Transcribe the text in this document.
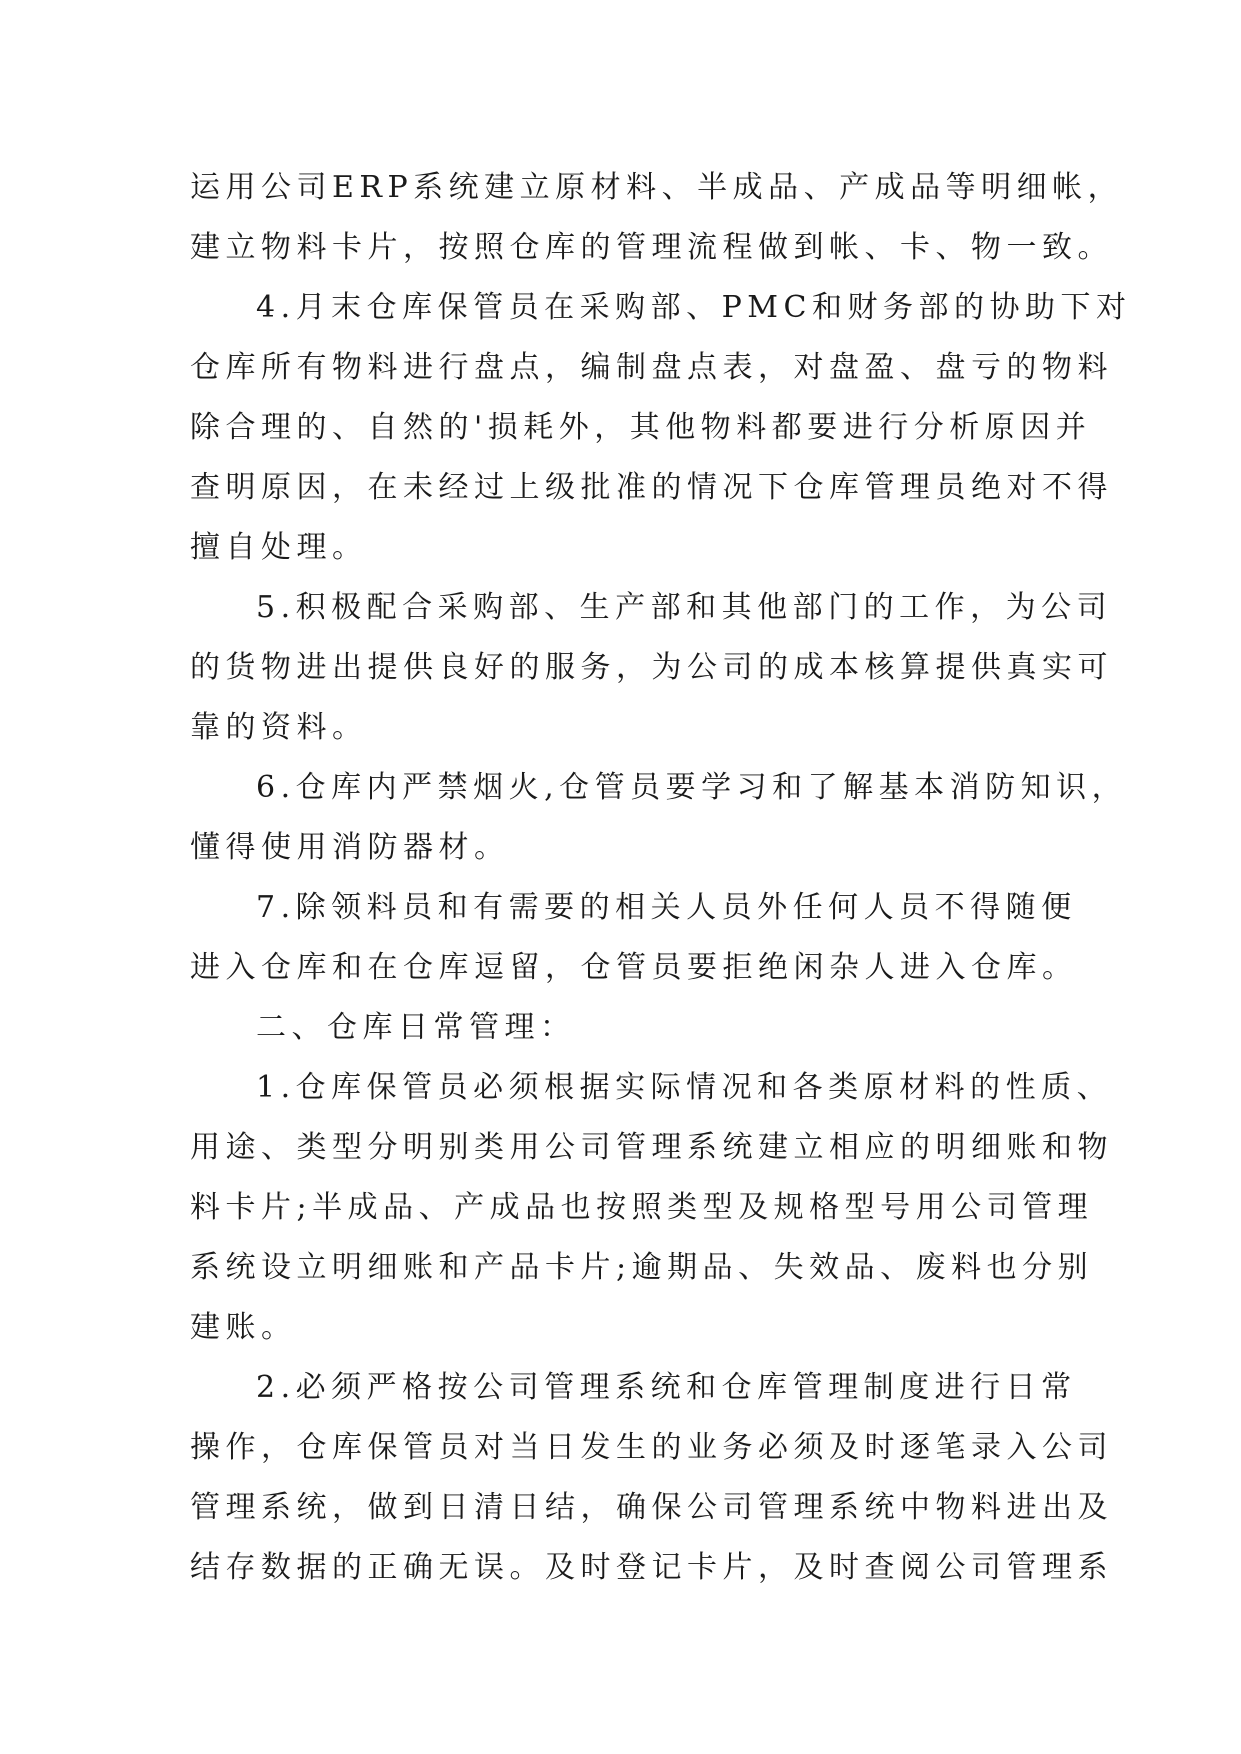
运用公司ERP系统建立原材料、半成品、产成品等明细帐，
建立物料卡片，按照仓库的管理流程做到帐、卡、物一致。
4.月末仓库保管员在采购部、PMC和财务部的协助下对
仓库所有物料进行盘点，编制盘点表，对盘盈、盘亏的物料
除合理的、自然的'损耗外，其他物料都要进行分析原因并
查明原因，在未经过上级批准的情况下仓库管理员绝对不得
擅自处理。
5.积极配合采购部、生产部和其他部门的工作，为公司
的货物进出提供良好的服务，为公司的成本核算提供真实可
靠的资料。
6.仓库内严禁烟火,仓管员要学习和了解基本消防知识，
懂得使用消防器材。
7.除领料员和有需要的相关人员外任何人员不得随便
进入仓库和在仓库逗留，仓管员要拒绝闲杂人进入仓库。
二、仓库日常管理：
1.仓库保管员必须根据实际情况和各类原材料的性质、
用途、类型分明别类用公司管理系统建立相应的明细账和物
料卡片;半成品、产成品也按照类型及规格型号用公司管理
系统设立明细账和产品卡片;逾期品、失效品、废料也分别
建账。
2.必须严格按公司管理系统和仓库管理制度进行日常
操作，仓库保管员对当日发生的业务必须及时逐笔录入公司
管理系统，做到日清日结，确保公司管理系统中物料进出及
结存数据的正确无误。及时登记卡片，及时查阅公司管理系
